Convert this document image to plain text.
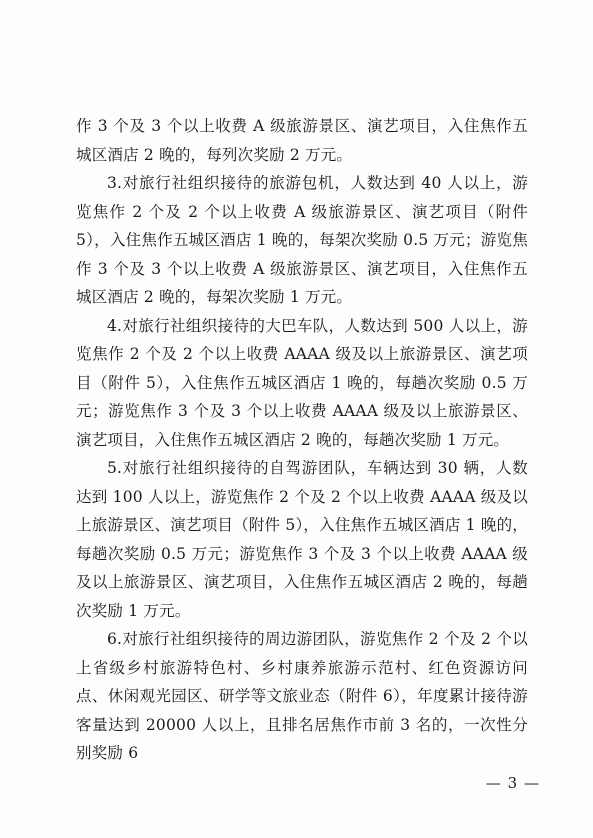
作 3 个及 3 个以上收费 A 级旅游景区、演艺项目，入住焦作五城区酒店 2 晚的，每列次奖励 2 万元。

3.对旅行社组织接待的旅游包机，人数达到 40 人以上，游览焦作 2 个及 2 个以上收费 A 级旅游景区、演艺项目（附件 5），入住焦作五城区酒店 1 晚的，每架次奖励 0.5 万元；游览焦作 3 个及 3 个以上收费 A 级旅游景区、演艺项目，入住焦作五城区酒店 2 晚的，每架次奖励 1 万元。

4.对旅行社组织接待的大巴车队，人数达到 500 人以上，游览焦作 2 个及 2 个以上收费 AAAA 级及以上旅游景区、演艺项目（附件 5），入住焦作五城区酒店 1 晚的，每趟次奖励 0.5 万元；游览焦作 3 个及 3 个以上收费 AAAA 级及以上旅游景区、演艺项目，入住焦作五城区酒店 2 晚的，每趟次奖励 1 万元。

5.对旅行社组织接待的自驾游团队，车辆达到 30 辆，人数达到 100 人以上，游览焦作 2 个及 2 个以上收费 AAAA 级及以上旅游景区、演艺项目（附件 5），入住焦作五城区酒店 1 晚的，每趟次奖励 0.5 万元；游览焦作 3 个及 3 个以上收费 AAAA 级及以上旅游景区、演艺项目，入住焦作五城区酒店 2 晚的，每趟次奖励 1 万元。

6.对旅行社组织接待的周边游团队，游览焦作 2 个及 2 个以上省级乡村旅游特色村、乡村康养旅游示范村、红色资源访问点、休闲观光园区、研学等文旅业态（附件 6），年度累计接待游客量达到 20000 人以上，且排名居焦作市前 3 名的，一次性分别奖励 6

— 3 —
